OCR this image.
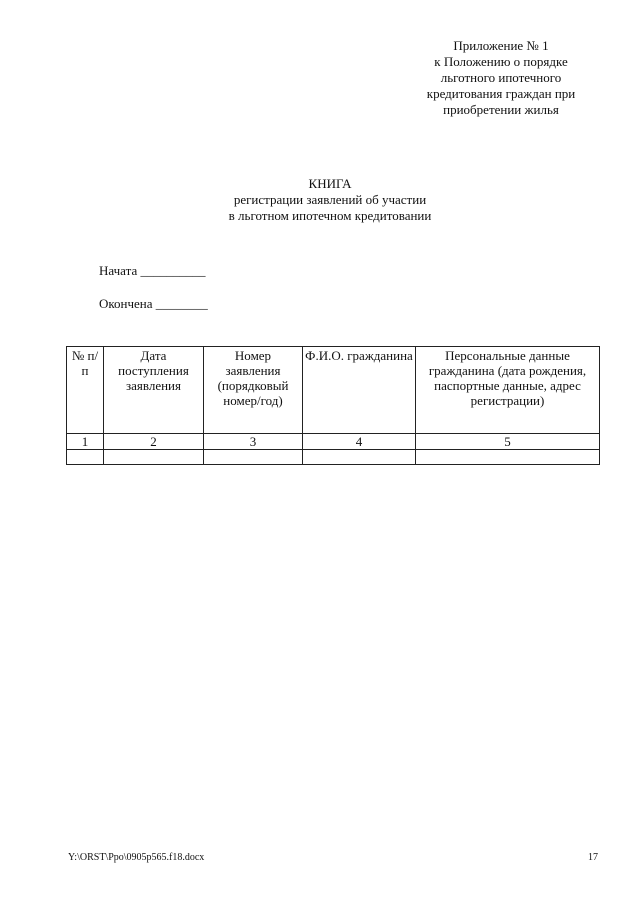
Приложение № 1
к Положению о порядке
льготного ипотечного
кредитования граждан при
приобретении жилья
КНИГА
регистрации заявлений об участии
в льготном ипотечном кредитовании
Начата __________
Окончена ________
№ п/п	Дата поступления заявления	Номер заявления (порядковый номер/год)	Ф.И.О. гражданина	Персональные данные гражданина (дата рождения, паспортные данные, адрес регистрации)
1	2	3	4	5

Y:\ORST\Ppo\0905p565.f18.docx	17
